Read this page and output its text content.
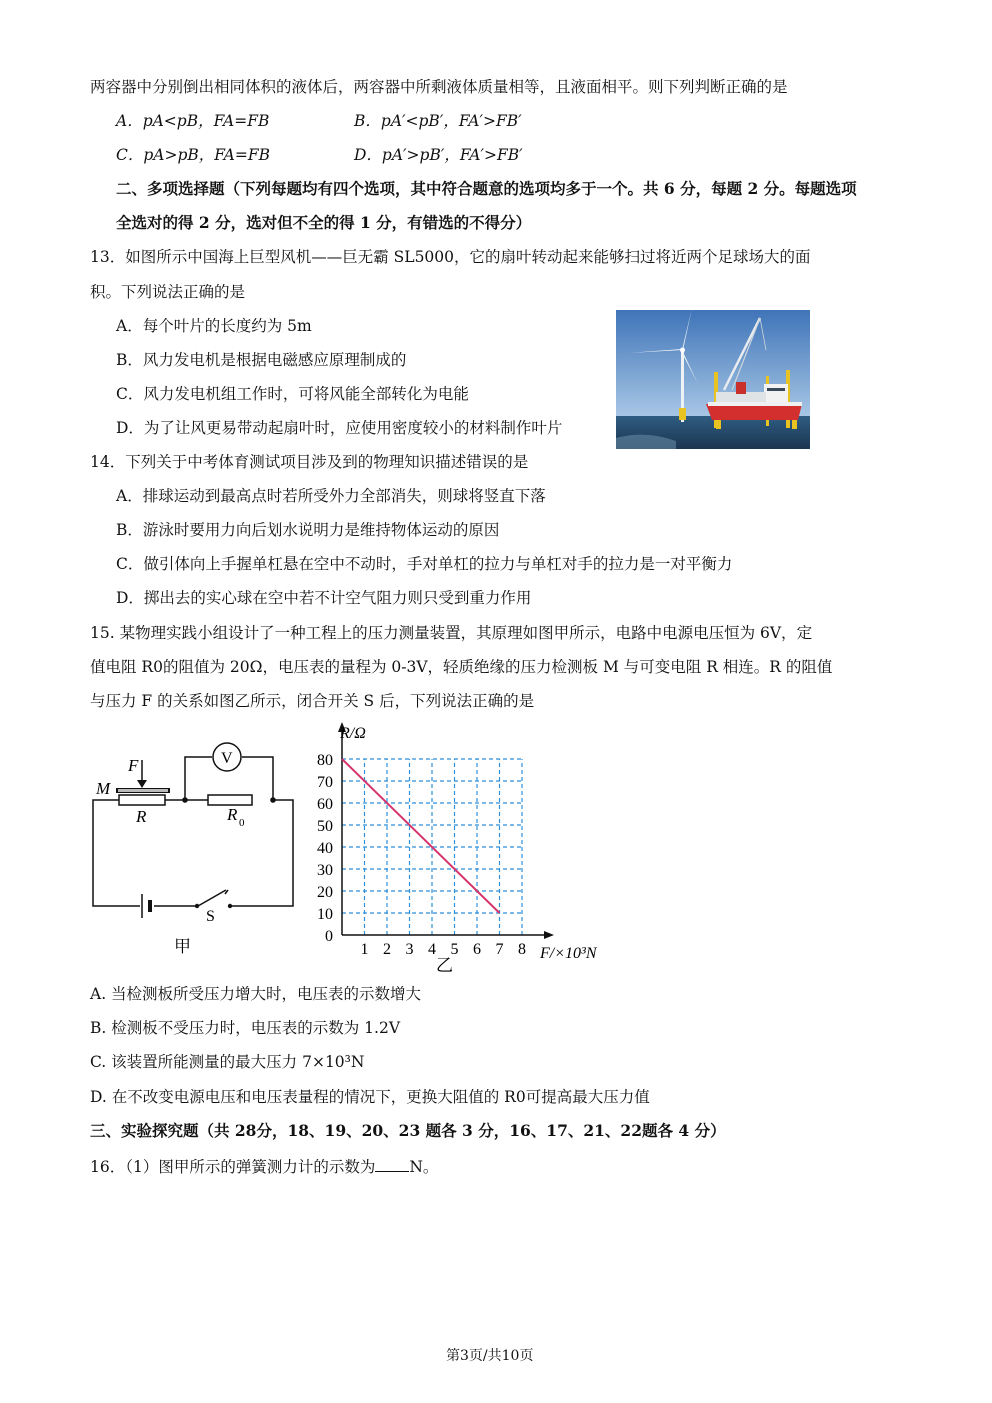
两容器中分别倒出相同体积的液体后，两容器中所剩液体质量相等，且液面相平。则下列判断正确的是
A．pA<pB，FA=FB	B．pA′<pB′，FA′>FB′
C．pA>pB，FA=FB	D．pA′>pB′，FA′>FB′
二、多项选择题（下列每题均有四个选项，其中符合题意的选项均多于一个。共 6 分，每题 2 分。每题选项
全选对的得 2 分，选对但不全的得 1 分，有错选的不得分）
13．如图所示中国海上巨型风机——巨无霸 SL5000，它的扇叶转动起来能够扫过将近两个足球场大的面
积。下列说法正确的是
A．每个叶片的长度约为 5m
B．风力发电机是根据电磁感应原理制成的
C．风力发电机组工作时，可将风能全部转化为电能
D．为了让风更易带动起扇叶时，应使用密度较小的材料制作叶片
14．下列关于中考体育测试项目涉及到的物理知识描述错误的是
A．排球运动到最高点时若所受外力全部消失，则球将竖直下落
B．游泳时要用力向后划水说明力是维持物体运动的原因
C．做引体向上手握单杠悬在空中不动时，手对单杠的拉力与单杠对手的拉力是一对平衡力
D．掷出去的实心球在空中若不计空气阻力则只受到重力作用
15. 某物理实践小组设计了一种工程上的压力测量装置，其原理如图甲所示，电路中电源电压恒为 6V，定
值电阻 R0的阻值为 20Ω，电压表的量程为 0-3V，轻质绝缘的压力检测板 M 与可变电阻 R 相连。R 的阻值
与压力 F 的关系如图乙所示，闭合开关 S 后，下列说法正确的是
A. 当检测板所受压力增大时，电压表的示数增大
B. 检测板不受压力时，电压表的示数为 1.2V
C. 该装置所能测量的最大压力 7×10³N
D. 在不改变电源电压和电压表量程的情况下，更换大阻值的 R0可提高最大压力值
三、实验探究题（共 28分，18、19、20、23 题各 3 分，16、17、21、22题各 4 分）
16．（1）图甲所示的弹簧测力计的示数为 N。
F
M
R	R 0
V
S
甲	1 2 3 4 5 6 7 8
0
10
20
30
40
50
60
70
80
R/Ω
F/×10³N
乙
第3页/共10页
